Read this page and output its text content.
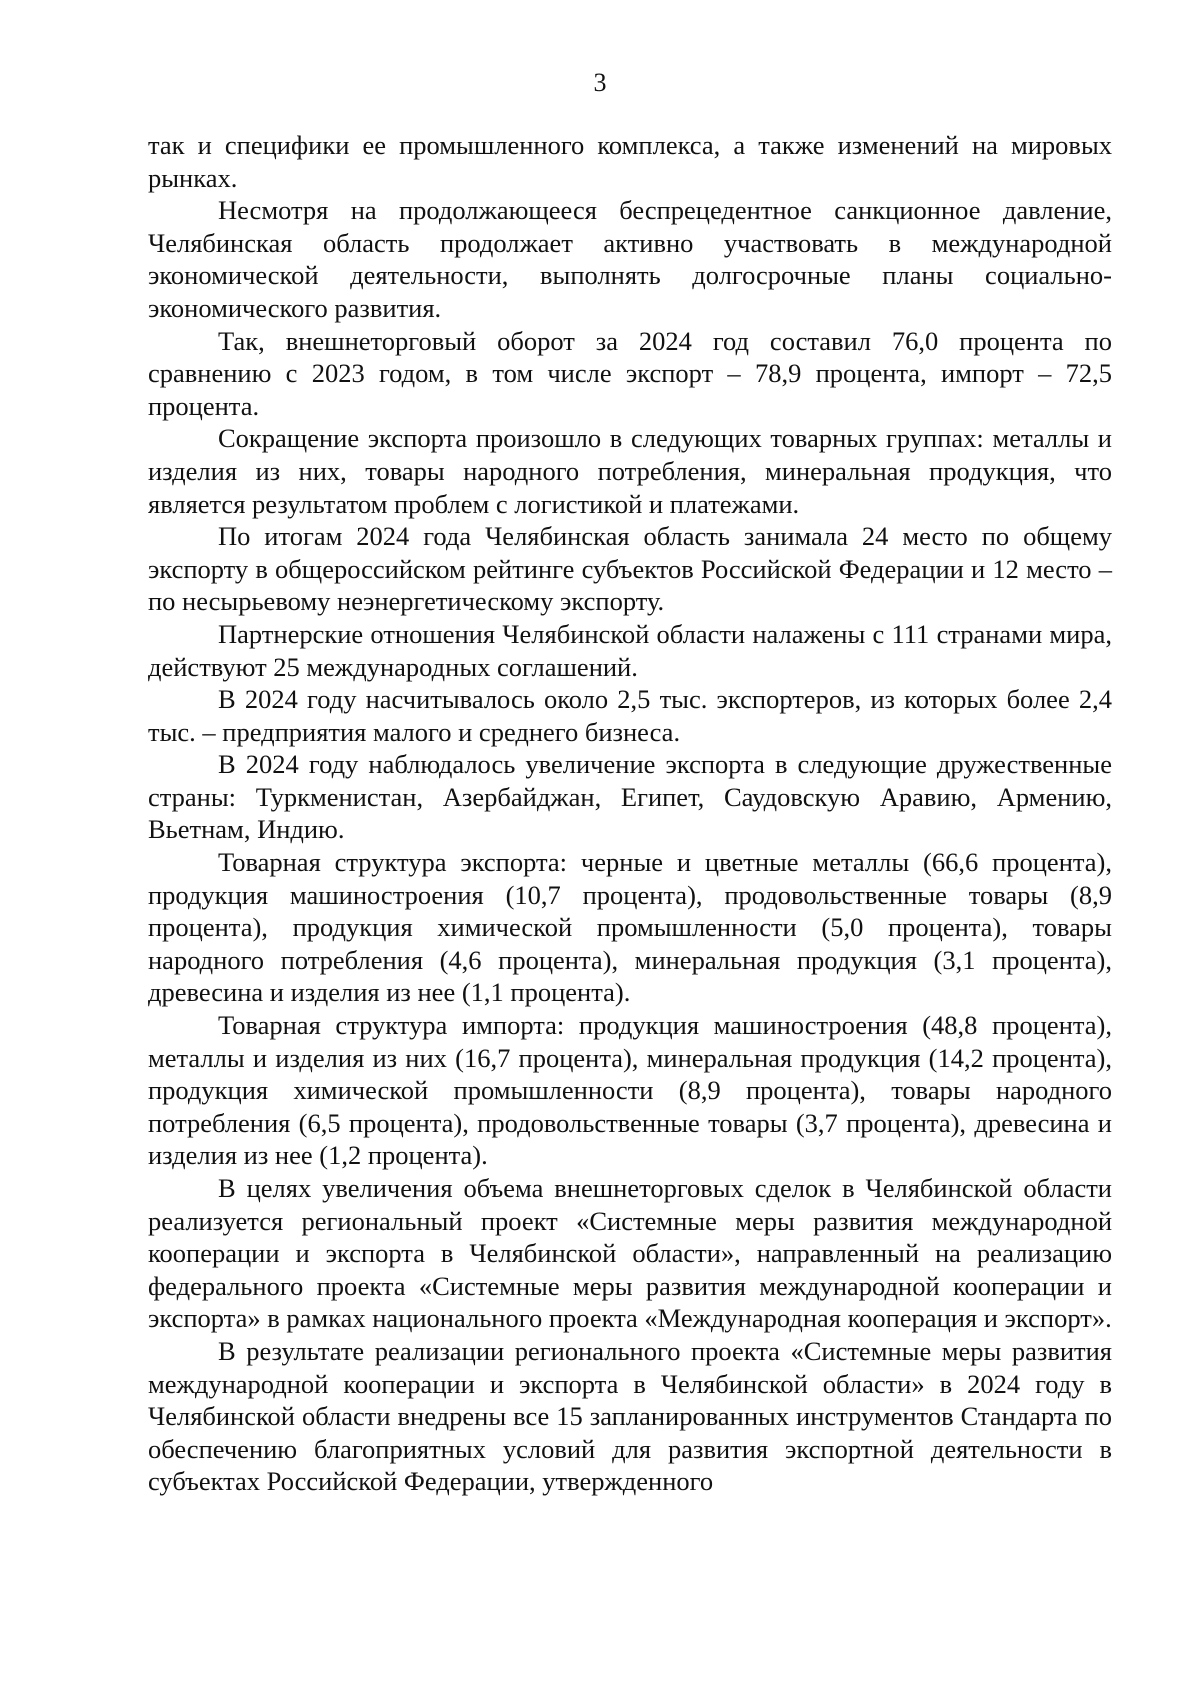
3

так и специфики ее промышленного комплекса, а также изменений на мировых рынках.

Несмотря на продолжающееся беспрецедентное санкционное давление, Челябинская область продолжает активно участвовать в международной экономической деятельности, выполнять долгосрочные планы социально-экономического развития.

Так, внешнеторговый оборот за 2024 год составил 76,0 процента по сравнению с 2023 годом, в том числе экспорт – 78,9 процента, импорт – 72,5 процента.

Сокращение экспорта произошло в следующих товарных группах: металлы и изделия из них, товары народного потребления, минеральная продукция, что является результатом проблем с логистикой и платежами.

По итогам 2024 года Челябинская область занимала 24 место по общему экспорту в общероссийском рейтинге субъектов Российской Федерации и 12 место – по несырьевому неэнергетическому экспорту.

Партнерские отношения Челябинской области налажены с 111 странами мира, действуют 25 международных соглашений.

В 2024 году насчитывалось около 2,5 тыс. экспортеров, из которых более 2,4 тыс. – предприятия малого и среднего бизнеса.

В 2024 году наблюдалось увеличение экспорта в следующие дружественные страны: Туркменистан, Азербайджан, Египет, Саудовскую Аравию, Армению, Вьетнам, Индию.

Товарная структура экспорта: черные и цветные металлы (66,6 процента), продукция машиностроения (10,7 процента), продовольственные товары (8,9 процента), продукция химической промышленности (5,0 процента), товары народного потребления (4,6 процента), минеральная продукция (3,1 процента), древесина и изделия из нее (1,1 процента).

Товарная структура импорта: продукция машиностроения (48,8 процента), металлы и изделия из них (16,7 процента), минеральная продукция (14,2 процента), продукция химической промышленности (8,9 процента), товары народного потребления (6,5 процента), продовольственные товары (3,7 процента), древесина и изделия из нее (1,2 процента).

В целях увеличения объема внешнеторговых сделок в Челябинской области реализуется региональный проект «Системные меры развития международной кооперации и экспорта в Челябинской области», направленный на реализацию федерального проекта «Системные меры развития международной кооперации и экспорта» в рамках национального проекта «Международная кооперация и экспорт».

В результате реализации регионального проекта «Системные меры развития международной кооперации и экспорта в Челябинской области» в 2024 году в Челябинской области внедрены все 15 запланированных инструментов Стандарта по обеспечению благоприятных условий для развития экспортной деятельности в субъектах Российской Федерации, утвержденного
